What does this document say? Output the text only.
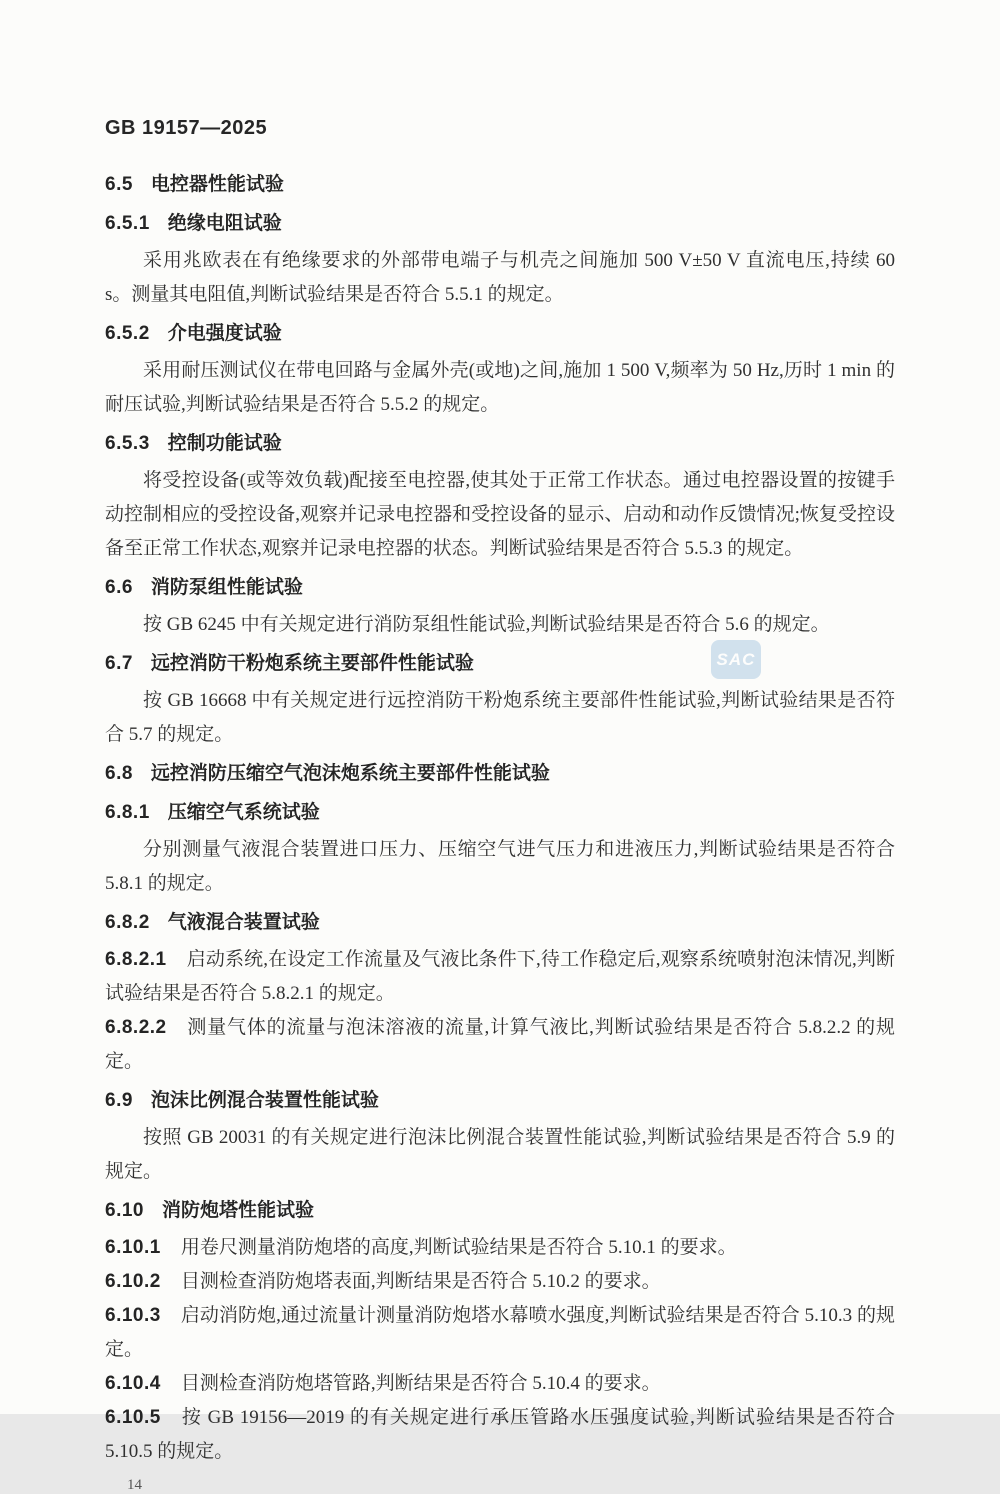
GB 19157—2025
SAC
6.5 电控器性能试验
6.5.1 绝缘电阻试验

采用兆欧表在有绝缘要求的外部带电端子与机壳之间施加 500 V±50 V 直流电压,持续 60 s。测量其电阻值,判断试验结果是否符合 5.5.1 的规定。

6.5.2 介电强度试验

采用耐压测试仪在带电回路与金属外壳(或地)之间,施加 1 500 V,频率为 50 Hz,历时 1 min 的耐压试验,判断试验结果是否符合 5.5.2 的规定。

6.5.3 控制功能试验

将受控设备(或等效负载)配接至电控器,使其处于正常工作状态。通过电控器设置的按键手动控制相应的受控设备,观察并记录电控器和受控设备的显示、启动和动作反馈情况;恢复受控设备至正常工作状态,观察并记录电控器的状态。判断试验结果是否符合 5.5.3 的规定。

6.6 消防泵组性能试验

按 GB 6245 中有关规定进行消防泵组性能试验,判断试验结果是否符合 5.6 的规定。

6.7 远控消防干粉炮系统主要部件性能试验

按 GB 16668 中有关规定进行远控消防干粉炮系统主要部件性能试验,判断试验结果是否符合 5.7 的规定。

6.8 远控消防压缩空气泡沫炮系统主要部件性能试验
6.8.1 压缩空气系统试验

分别测量气液混合装置进口压力、压缩空气进气压力和进液压力,判断试验结果是否符合 5.8.1 的规定。

6.8.2 气液混合装置试验

6.8.2.1 启动系统,在设定工作流量及气液比条件下,待工作稳定后,观察系统喷射泡沫情况,判断试验结果是否符合 5.8.2.1 的规定。

6.8.2.2 测量气体的流量与泡沫溶液的流量,计算气液比,判断试验结果是否符合 5.8.2.2 的规定。

6.9 泡沫比例混合装置性能试验

按照 GB 20031 的有关规定进行泡沫比例混合装置性能试验,判断试验结果是否符合 5.9 的规定。

6.10 消防炮塔性能试验

6.10.1 用卷尺测量消防炮塔的高度,判断试验结果是否符合 5.10.1 的要求。

6.10.2 目测检查消防炮塔表面,判断结果是否符合 5.10.2 的要求。

6.10.3 启动消防炮,通过流量计测量消防炮塔水幕喷水强度,判断试验结果是否符合 5.10.3 的规定。

6.10.4 目测检查消防炮塔管路,判断结果是否符合 5.10.4 的要求。

6.10.5 按 GB 19156—2019 的有关规定进行承压管路水压强度试验,判断试验结果是否符合 5.10.5 的规定。

14
